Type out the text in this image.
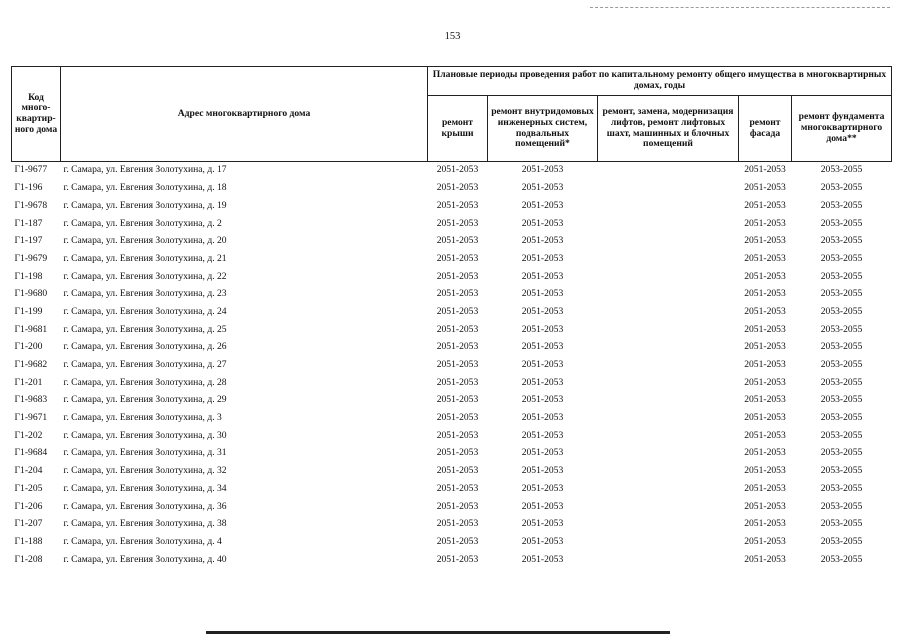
153
Код много-квартир-ного дома	Адрес многоквартирного дома	Плановые периоды проведения работ по капитальному ремонту общего имущества в многоквартирных домах, годы				
		ремонт крыши	ремонт внутридомовых инженерных систем, подвальных помещений*	ремонт, замена, модернизация лифтов, ремонт лифтовых шахт, машинных и блочных помещений	ремонт фасада	ремонт фундамента многоквартирного дома**
Г1-9677	г. Самара, ул. Евгения Золотухина, д. 17	2051-2053	2051-2053		2051-2053	2053-2055
Г1-196	г. Самара, ул. Евгения Золотухина, д. 18	2051-2053	2051-2053		2051-2053	2053-2055
Г1-9678	г. Самара, ул. Евгения Золотухина, д. 19	2051-2053	2051-2053		2051-2053	2053-2055
Г1-187	г. Самара, ул. Евгения Золотухина, д. 2	2051-2053	2051-2053		2051-2053	2053-2055
Г1-197	г. Самара, ул. Евгения Золотухина, д. 20	2051-2053	2051-2053		2051-2053	2053-2055
Г1-9679	г. Самара, ул. Евгения Золотухина, д. 21	2051-2053	2051-2053		2051-2053	2053-2055
Г1-198	г. Самара, ул. Евгения Золотухина, д. 22	2051-2053	2051-2053		2051-2053	2053-2055
Г1-9680	г. Самара, ул. Евгения Золотухина, д. 23	2051-2053	2051-2053		2051-2053	2053-2055
Г1-199	г. Самара, ул. Евгения Золотухина, д. 24	2051-2053	2051-2053		2051-2053	2053-2055
Г1-9681	г. Самара, ул. Евгения Золотухина, д. 25	2051-2053	2051-2053		2051-2053	2053-2055
Г1-200	г. Самара, ул. Евгения Золотухина, д. 26	2051-2053	2051-2053		2051-2053	2053-2055
Г1-9682	г. Самара, ул. Евгения Золотухина, д. 27	2051-2053	2051-2053		2051-2053	2053-2055
Г1-201	г. Самара, ул. Евгения Золотухина, д. 28	2051-2053	2051-2053		2051-2053	2053-2055
Г1-9683	г. Самара, ул. Евгения Золотухина, д. 29	2051-2053	2051-2053		2051-2053	2053-2055
Г1-9671	г. Самара, ул. Евгения Золотухина, д. 3	2051-2053	2051-2053		2051-2053	2053-2055
Г1-202	г. Самара, ул. Евгения Золотухина, д. 30	2051-2053	2051-2053		2051-2053	2053-2055
Г1-9684	г. Самара, ул. Евгения Золотухина, д. 31	2051-2053	2051-2053		2051-2053	2053-2055
Г1-204	г. Самара, ул. Евгения Золотухина, д. 32	2051-2053	2051-2053		2051-2053	2053-2055
Г1-205	г. Самара, ул. Евгения Золотухина, д. 34	2051-2053	2051-2053		2051-2053	2053-2055
Г1-206	г. Самара, ул. Евгения Золотухина, д. 36	2051-2053	2051-2053		2051-2053	2053-2055
Г1-207	г. Самара, ул. Евгения Золотухина, д. 38	2051-2053	2051-2053		2051-2053	2053-2055
Г1-188	г. Самара, ул. Евгения Золотухина, д. 4	2051-2053	2051-2053		2051-2053	2053-2055
Г1-208	г. Самара, ул. Евгения Золотухина, д. 40	2051-2053	2051-2053		2051-2053	2053-2055
